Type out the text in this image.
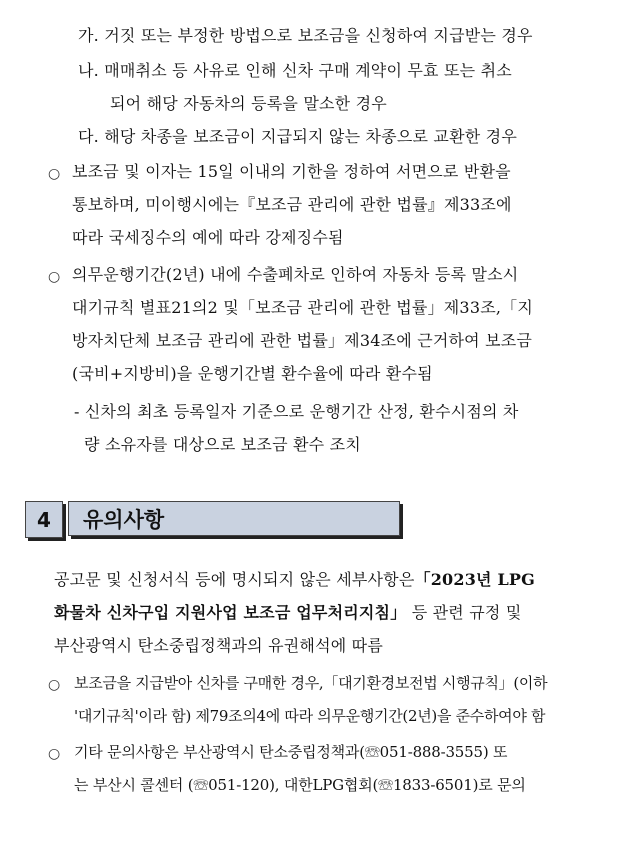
가. 거짓 또는 부정한 방법으로 보조금을 신청하여 지급받는 경우
나. 매매취소 등 사유로 인해 신차 구매 계약이 무효 또는 취소
되어 해당 자동차의 등록을 말소한 경우
다. 해당 차종을 보조금이 지급되지 않는 차종으로 교환한 경우
○ 보조금 및 이자는 15일 이내의 기한을 정하여 서면으로 반환을
통보하며, 미이행시에는『보조금 관리에 관한 법률』제33조에
따라 국세징수의 예에 따라 강제징수됨
○ 의무운행기간(2년) 내에 수출폐차로 인하여 자동차 등록 말소시
대기규칙 별표21의2 및「보조금 관리에 관한 법률」제33조,「지
방자치단체 보조금 관리에 관한 법률」제34조에 근거하여 보조금
(국비+지방비)을 운행기간별 환수율에 따라 환수됨
- 신차의 최초 등록일자 기준으로 운행기간 산정, 환수시점의 차
량 소유자를 대상으로 보조금 환수 조치
4	유의사항
공고문 및 신청서식 등에 명시되지 않은 세부사항은「2023년 LPG
화물차 신차구입 지원사업 보조금 업무처리지침」 등 관련 규정 및
부산광역시 탄소중립정책과의 유권해석에 따름
○ 보조금을 지급받아 신차를 구매한 경우,「대기환경보전법 시행규칙」(이하
'대기규칙'이라 함) 제79조의4에 따라 의무운행기간(2년)을 준수하여야 함
○ 기타 문의사항은 부산광역시 탄소중립정책과(☏051-888-3555) 또
는 부산시 콜센터 (☏051-120), 대한LPG협회(☏1833-6501)로 문의
